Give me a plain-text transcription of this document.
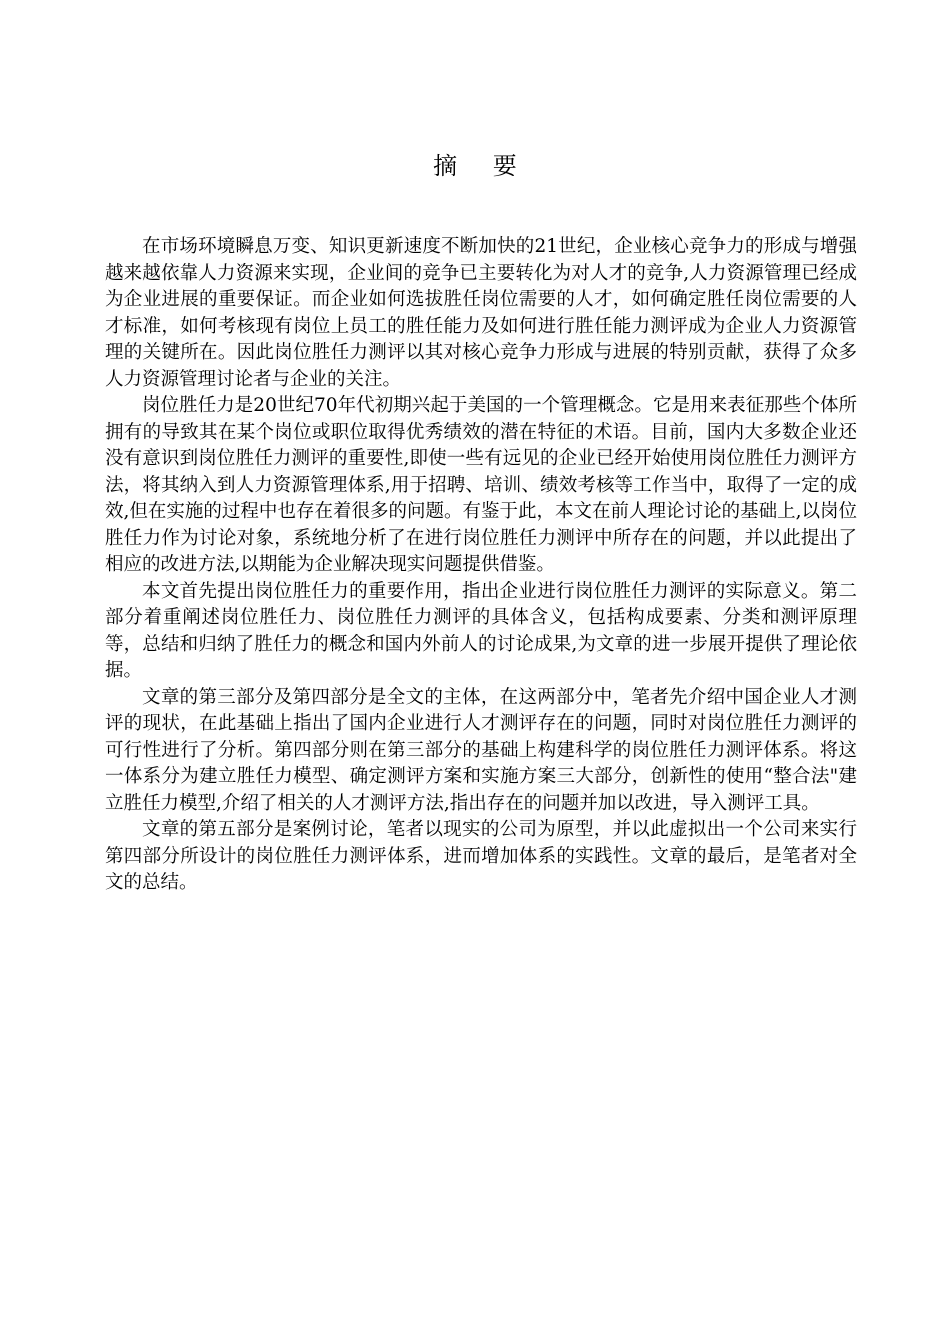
摘 要

在市场环境瞬息万变、知识更新速度不断加快的21世纪，企业核心竞争力的形成与增强越来越依靠人力资源来实现，企业间的竞争已主要转化为对人才的竞争,人力资源管理已经成为企业进展的重要保证。而企业如何选拔胜任岗位需要的人才，如何确定胜任岗位需要的人才标准，如何考核现有岗位上员工的胜任能力及如何进行胜任能力测评成为企业人力资源管理的关键所在。因此岗位胜任力测评以其对核心竞争力形成与进展的特别贡献，获得了众多人力资源管理讨论者与企业的关注。

岗位胜任力是20世纪70年代初期兴起于美国的一个管理概念。它是用来表征那些个体所拥有的导致其在某个岗位或职位取得优秀绩效的潜在特征的术语。目前，国内大多数企业还没有意识到岗位胜任力测评的重要性,即使一些有远见的企业已经开始使用岗位胜任力测评方法，将其纳入到人力资源管理体系,用于招聘、培训、绩效考核等工作当中，取得了一定的成效,但在实施的过程中也存在着很多的问题。有鉴于此，本文在前人理论讨论的基础上,以岗位胜任力作为讨论对象，系统地分析了在进行岗位胜任力测评中所存在的问题，并以此提出了相应的改进方法,以期能为企业解决现实问题提供借鉴。

本文首先提出岗位胜任力的重要作用，指出企业进行岗位胜任力测评的实际意义。第二部分着重阐述岗位胜任力、岗位胜任力测评的具体含义，包括构成要素、分类和测评原理等，总结和归纳了胜任力的概念和国内外前人的讨论成果,为文章的进一步展开提供了理论依据。

文章的第三部分及第四部分是全文的主体，在这两部分中，笔者先介绍中国企业人才测评的现状，在此基础上指出了国内企业进行人才测评存在的问题，同时对岗位胜任力测评的可行性进行了分析。第四部分则在第三部分的基础上构建科学的岗位胜任力测评体系。将这一体系分为建立胜任力模型、确定测评方案和实施方案三大部分，创新性的使用“整合法"建立胜任力模型,介绍了相关的人才测评方法,指出存在的问题并加以改进，导入测评工具。

文章的第五部分是案例讨论，笔者以现实的公司为原型，并以此虚拟出一个公司来实行第四部分所设计的岗位胜任力测评体系，进而增加体系的实践性。文章的最后，是笔者对全文的总结。
